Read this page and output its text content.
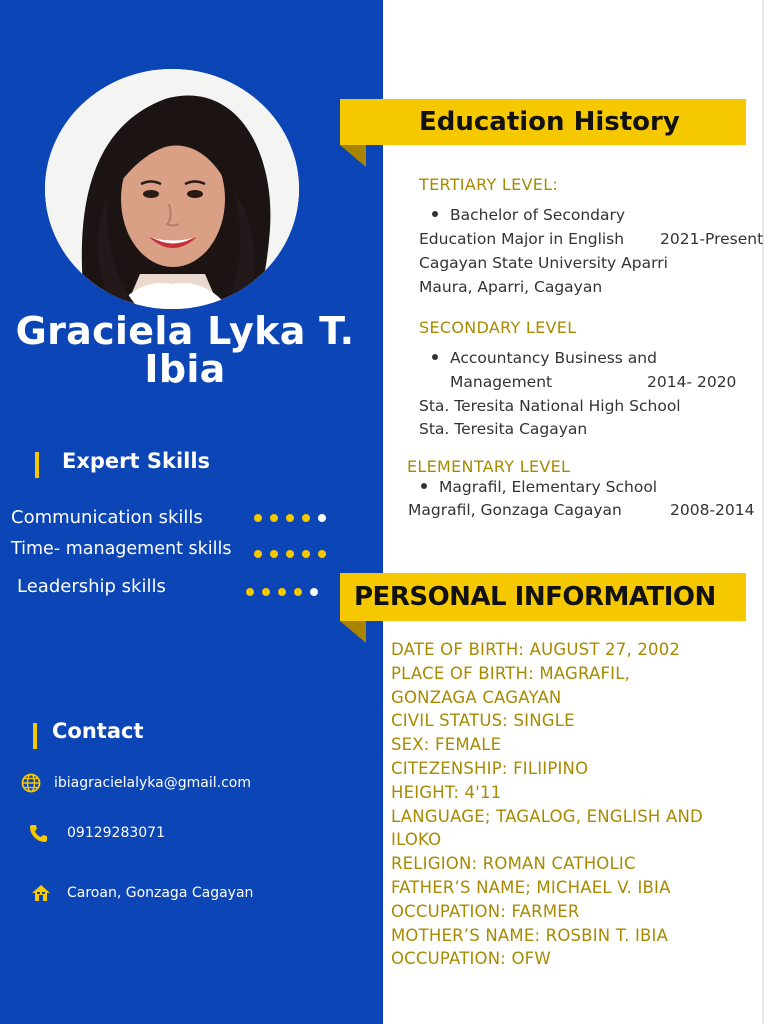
Graciela Lyka T.
Ibia
Expert Skills
Communication skills
Time- management skills
Leadership skills
Contact
ibiagracielalyka@gmail.com
09129283071
Caroan, Gonzaga Cagayan
Education History
TERTIARY LEVEL:
Bachelor of Secondary
Education Major in English 2021-Present
Cagayan State University Aparri
Maura, Aparri, Cagayan
SECONDARY LEVEL
Accountancy Business and
Management	2014- 2020
Sta. Teresita National High School
Sta. Teresita Cagayan
ELEMENTARY LEVEL
Magrafil, Elementary School
Magrafil, Gonzaga Cagayan	2008-2014
PERSONAL INFORMATION
DATE OF BIRTH: AUGUST 27, 2002
PLACE OF BIRTH: MAGRAFIL,
GONZAGA CAGAYAN
CIVIL STATUS: SINGLE
SEX: FEMALE
CITEZENSHIP: FILIIPINO
HEIGHT: 4'11
LANGUAGE; TAGALOG, ENGLISH AND
ILOKO
RELIGION: ROMAN CATHOLIC
FATHER’S NAME; MICHAEL V. IBIA
OCCUPATION: FARMER
MOTHER’S NAME: ROSBIN T. IBIA
OCCUPATION: OFW
